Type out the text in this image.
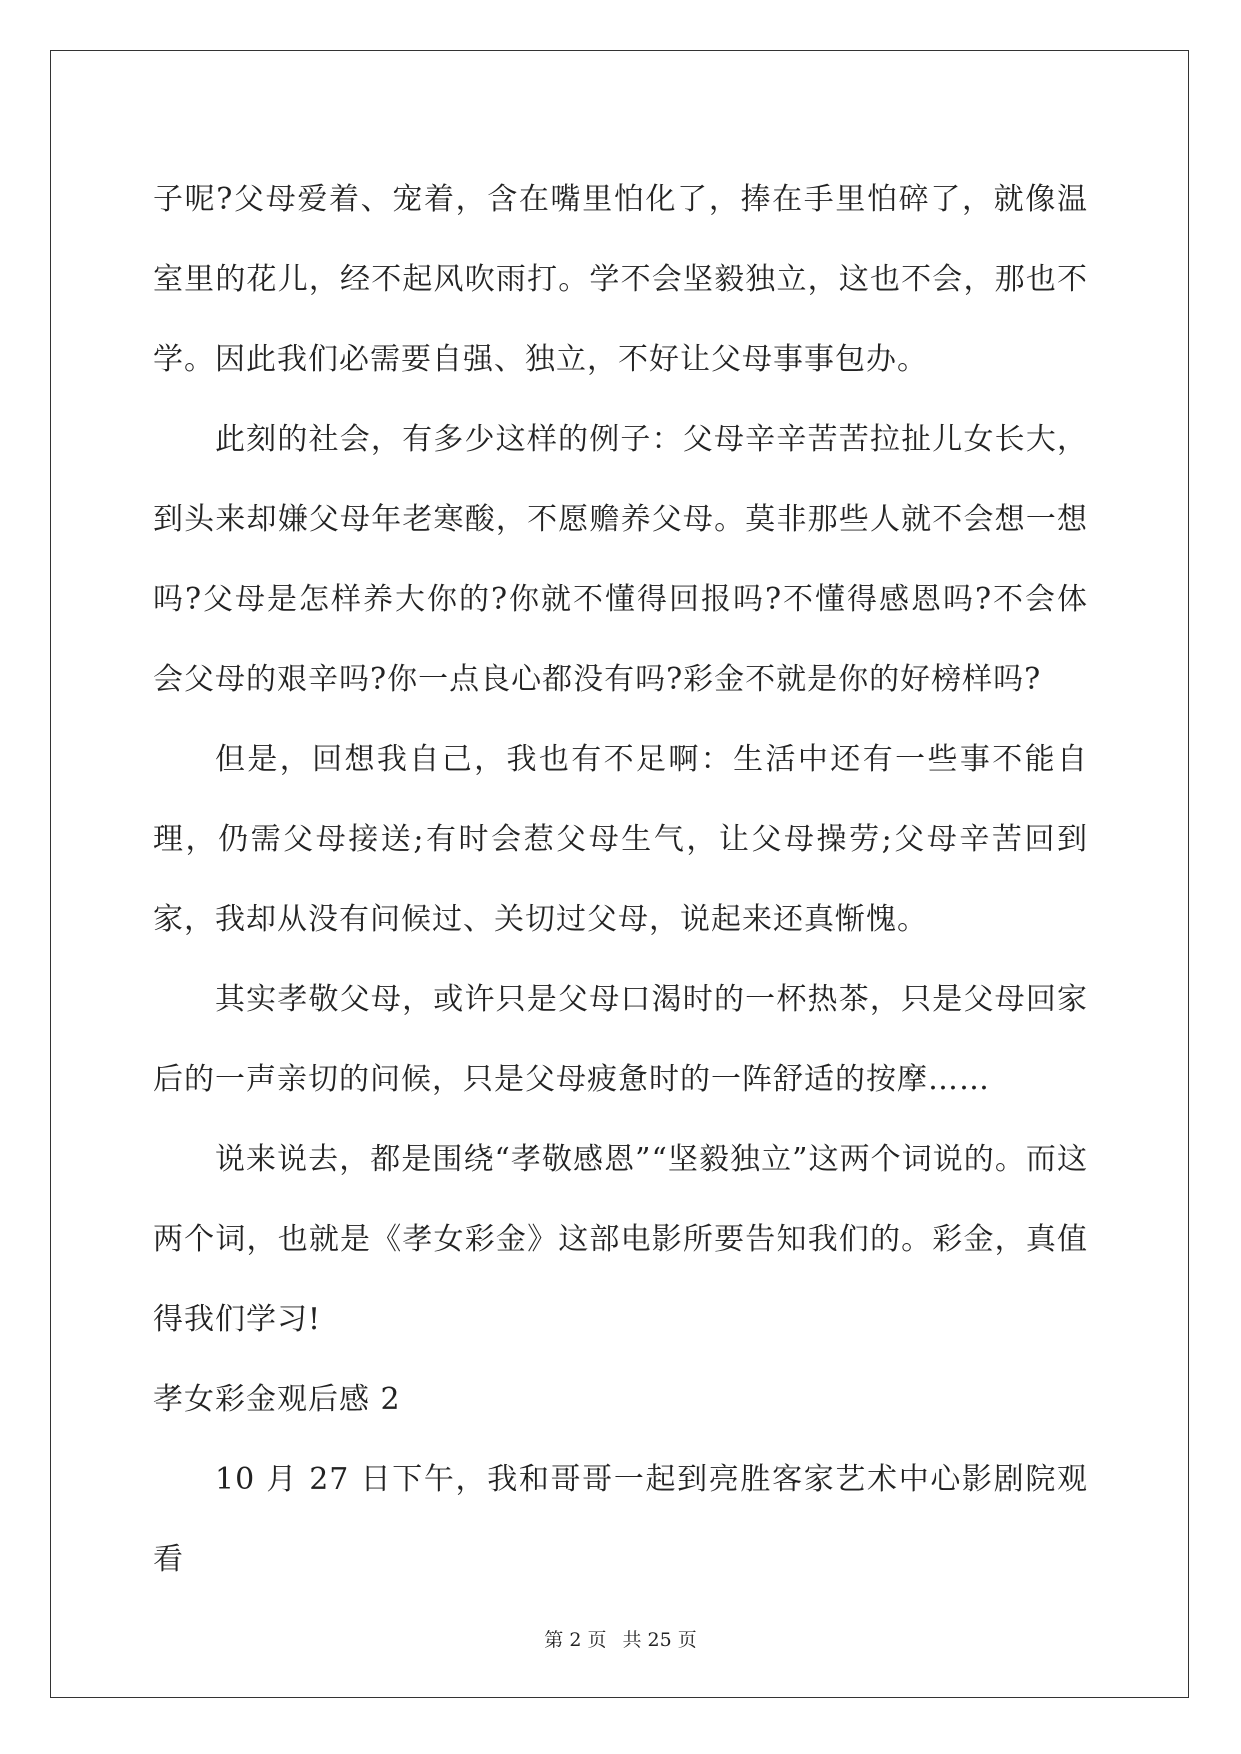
子呢?父母爱着、宠着，含在嘴里怕化了，捧在手里怕碎了，就像温室里的花儿，经不起风吹雨打。学不会坚毅独立，这也不会，那也不学。因此我们必需要自强、独立，不好让父母事事包办。

此刻的社会，有多少这样的例子：父母辛辛苦苦拉扯儿女长大，到头来却嫌父母年老寒酸，不愿赡养父母。莫非那些人就不会想一想吗?父母是怎样养大你的?你就不懂得回报吗?不懂得感恩吗?不会体会父母的艰辛吗?你一点良心都没有吗?彩金不就是你的好榜样吗?

但是，回想我自己，我也有不足啊：生活中还有一些事不能自理，仍需父母接送;有时会惹父母生气，让父母操劳;父母辛苦回到家，我却从没有问候过、关切过父母，说起来还真惭愧。

其实孝敬父母，或许只是父母口渴时的一杯热茶，只是父母回家后的一声亲切的问候，只是父母疲惫时的一阵舒适的按摩……

说来说去，都是围绕“孝敬感恩”“坚毅独立”这两个词说的。而这两个词，也就是《孝女彩金》这部电影所要告知我们的。彩金，真值得我们学习!

孝女彩金观后感 2

10 月 27 日下午，我和哥哥一起到亮胜客家艺术中心影剧院观看

第 2 页 共 25 页
